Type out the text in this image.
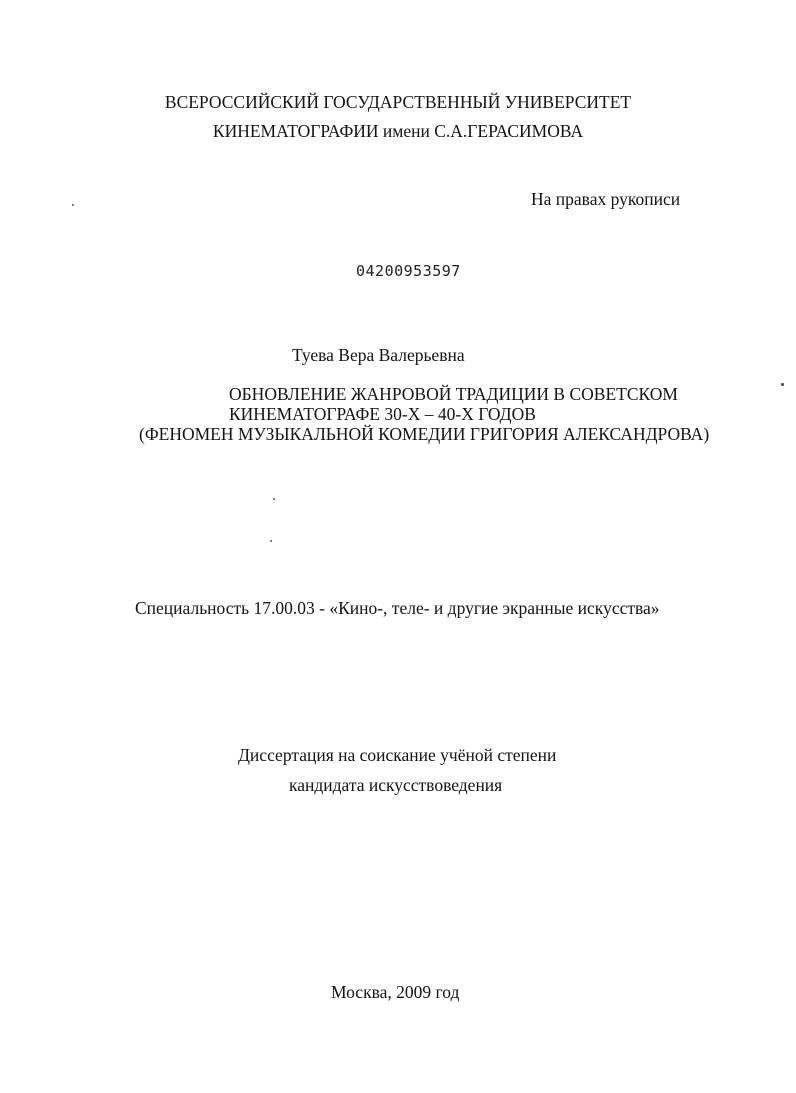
ВСЕРОССИЙСКИЙ ГОСУДАРСТВЕННЫЙ УНИВЕРСИТЕТ
КИНЕМАТОГРАФИИ имени С.А.ГЕРАСИМОВА
На правах рукописи
04200953597
Туева Вера Валерьевна
ОБНОВЛЕНИЕ ЖАНРОВОЙ ТРАДИЦИИ В СОВЕТСКОМ
КИНЕМАТОГРАФЕ 30-Х – 40-Х ГОДОВ
(ФЕНОМЕН МУЗЫКАЛЬНОЙ КОМЕДИИ ГРИГОРИЯ АЛЕКСАНДРОВА)
Специальность 17.00.03 - «Кино-, теле- и другие экранные искусства»
Диссертация на соискание учёной степени
кандидата искусствоведения
Москва, 2009 год
